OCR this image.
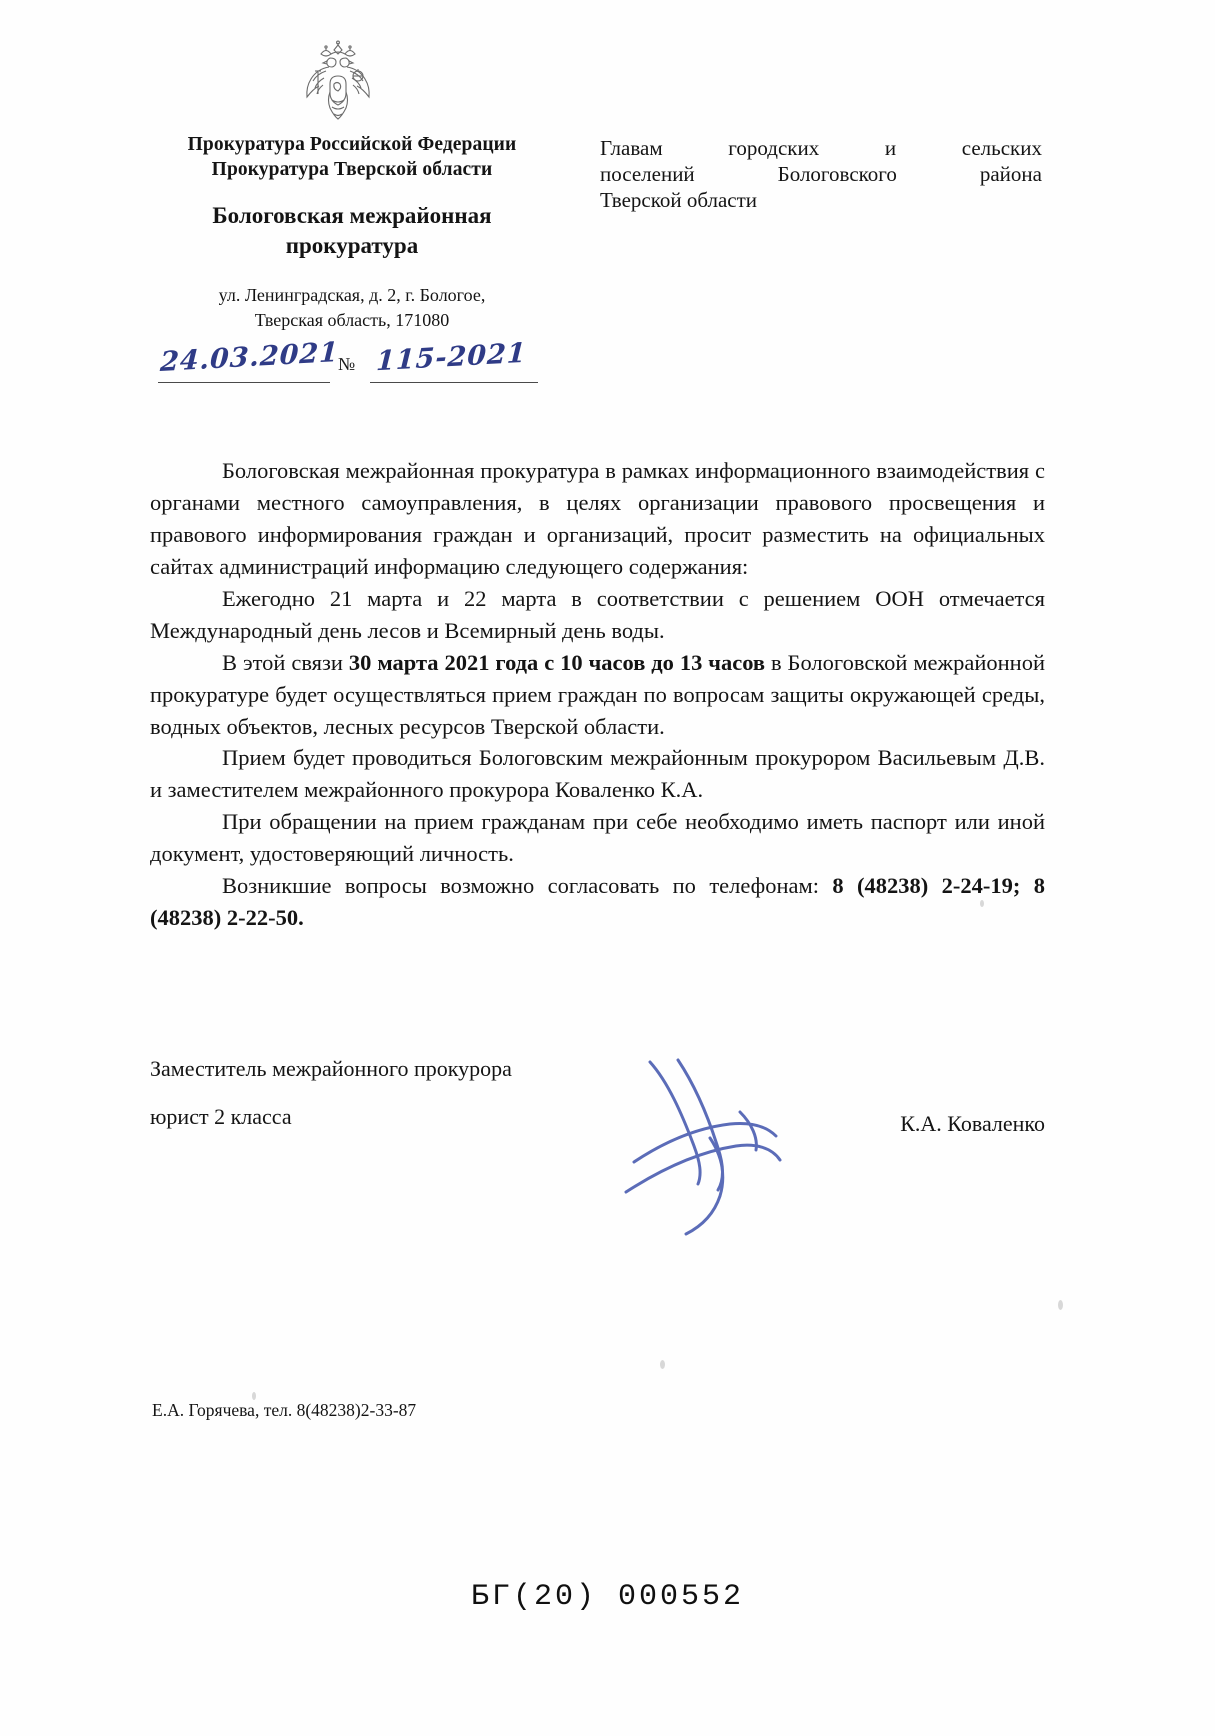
Прокуратура Российской Федерации
Прокуратура Тверской области
Бологовская межрайонная
прокуратура
ул. Ленинградская, д. 2, г. Бологое,
Тверская область, 171080
Главам	городских	и	сельских
поселений	Бологовского	района
Тверской области
24.03.2021
№ 115-2021

Бологовская межрайонная прокуратура в рамках информационного взаимодействия с органами местного самоуправления, в целях организации правового просвещения и правового информирования граждан и организаций, просит разместить на официальных сайтах администраций информацию следующего содержания:

Ежегодно 21 марта и 22 марта в соответствии с решением ООН отмечается Международный день лесов и Всемирный день воды.

В этой связи 30 марта 2021 года с 10 часов до 13 часов в Бологовской межрайонной прокуратуре будет осуществляться прием граждан по вопросам защиты окружающей среды, водных объектов, лесных ресурсов Тверской области.

Прием будет проводиться Бологовским межрайонным прокурором Васильевым Д.В. и заместителем межрайонного прокурора Коваленко К.А.

При обращении на прием гражданам при себе необходимо иметь паспорт или иной документ, удостоверяющий личность.

Возникшие вопросы возможно согласовать по телефонам: 8 (48238) 2-24-19; 8 (48238) 2-22-50.

Заместитель межрайонного прокурора
юрист 2 класса	К.А. Коваленко
Е.А. Горячева, тел. 8(48238)2-33-87
БГ(20) 000552
